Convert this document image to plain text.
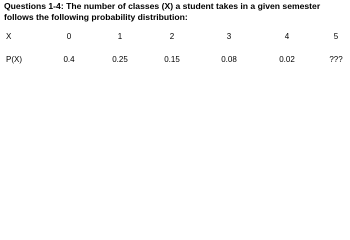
Questions 1-4: The number of classes (X) a student takes in a given semester follows the following probability distribution:

X	0	1	2	3	4	5
P(X)	0.4	0.25	0.15	0.08	0.02	???
